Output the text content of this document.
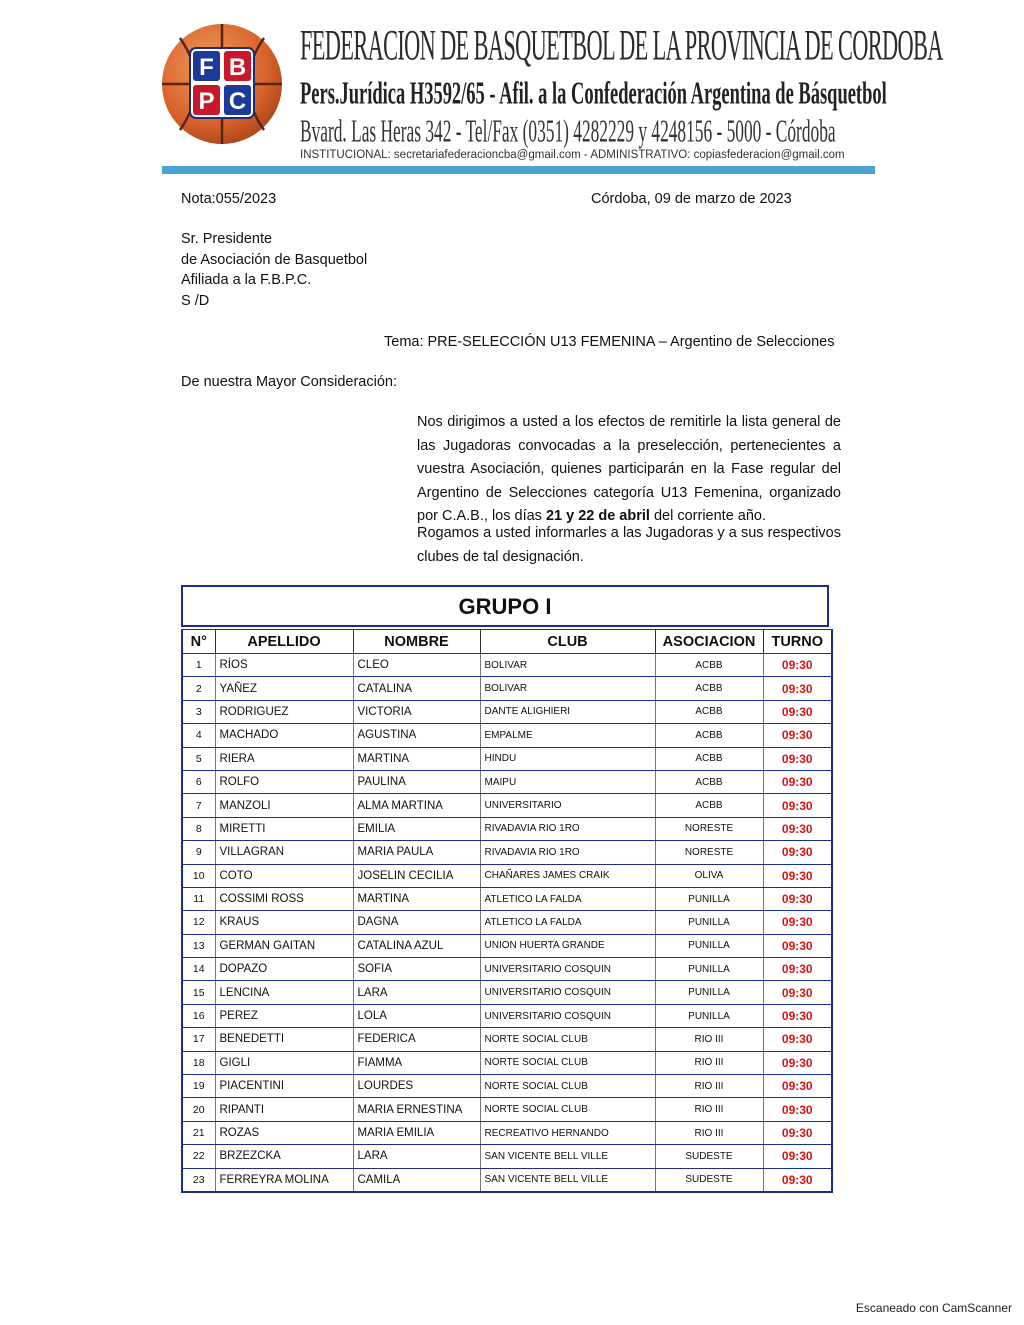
F B
P C

FEDERACION DE BASQUETBOL DE LA PROVINCIA DE CORDOBA

Pers.Jurídica H3592/65 - Afil. a la Confederación Argentina de Básquetbol

Bvard. Las Heras 342 - Tel/Fax (0351) 4282229 y 4248156 - 5000 - Córdoba

INSTITUCIONAL: secretariafederacioncba@gmail.com - ADMINISTRATIVO: copiasfederacion@gmail.com

Nota:055/2023	Córdoba, 09 de marzo de 2023
Sr. Presidente
de Asociación de Basquetbol
Afiliada a la F.B.P.C.
S /D
Tema: PRE-SELECCIÓN U13 FEMENINA – Argentino de Selecciones
De nuestra Mayor Consideración:

Nos dirigimos a usted a los efectos de remitirle la lista general de las Jugadoras convocadas a la preselección, pertenecientes a vuestra Asociación, quienes participarán en la Fase regular del Argentino de Selecciones categoría U13 Femenina, organizado por C.A.B., los días 21 y 22 de abril del corriente año.

Rogamos a usted informarles a las Jugadoras y a sus respectivos clubes de tal designación.

GRUPO I
N°	APELLIDO	NOMBRE	CLUB	ASOCIACION	TURNO
1	RÍOS	CLEO	BOLIVAR	ACBB	09:30
2	YAÑEZ	CATALINA	BOLIVAR	ACBB	09:30
3	RODRIGUEZ	VICTORIA	DANTE ALIGHIERI	ACBB	09:30
4	MACHADO	AGUSTINA	EMPALME	ACBB	09:30
5	RIERA	MARTINA	HINDU	ACBB	09:30
6	ROLFO	PAULINA	MAIPU	ACBB	09:30
7	MANZOLI	ALMA MARTINA	UNIVERSITARIO	ACBB	09:30
8	MIRETTI	EMILIA	RIVADAVIA RIO 1RO	NORESTE	09:30
9	VILLAGRAN	MARIA PAULA	RIVADAVIA RIO 1RO	NORESTE	09:30
10	COTO	JOSELIN CECILIA	CHAÑARES JAMES CRAIK	OLIVA	09:30
11	COSSIMI ROSS	MARTINA	ATLETICO LA FALDA	PUNILLA	09:30
12	KRAUS	DAGNA	ATLETICO LA FALDA	PUNILLA	09:30
13	GERMAN GAITAN	CATALINA AZUL	UNION HUERTA GRANDE	PUNILLA	09:30
14	DOPAZO	SOFIA	UNIVERSITARIO COSQUIN	PUNILLA	09:30
15	LENCINA	LARA	UNIVERSITARIO COSQUIN	PUNILLA	09:30
16	PEREZ	LOLA	UNIVERSITARIO COSQUIN	PUNILLA	09:30
17	BENEDETTI	FEDERICA	NORTE SOCIAL CLUB	RIO III	09:30
18	GIGLI	FIAMMA	NORTE SOCIAL CLUB	RIO III	09:30
19	PIACENTINI	LOURDES	NORTE SOCIAL CLUB	RIO III	09:30
20	RIPANTI	MARIA ERNESTINA	NORTE SOCIAL CLUB	RIO III	09:30
21	ROZAS	MARIA EMILIA	RECREATIVO HERNANDO	RIO III	09:30
22	BRZEZCKA	LARA	SAN VICENTE BELL VILLE	SUDESTE	09:30
23	FERREYRA MOLINA	CAMILA	SAN VICENTE BELL VILLE	SUDESTE	09:30
Escaneado con CamScanner
